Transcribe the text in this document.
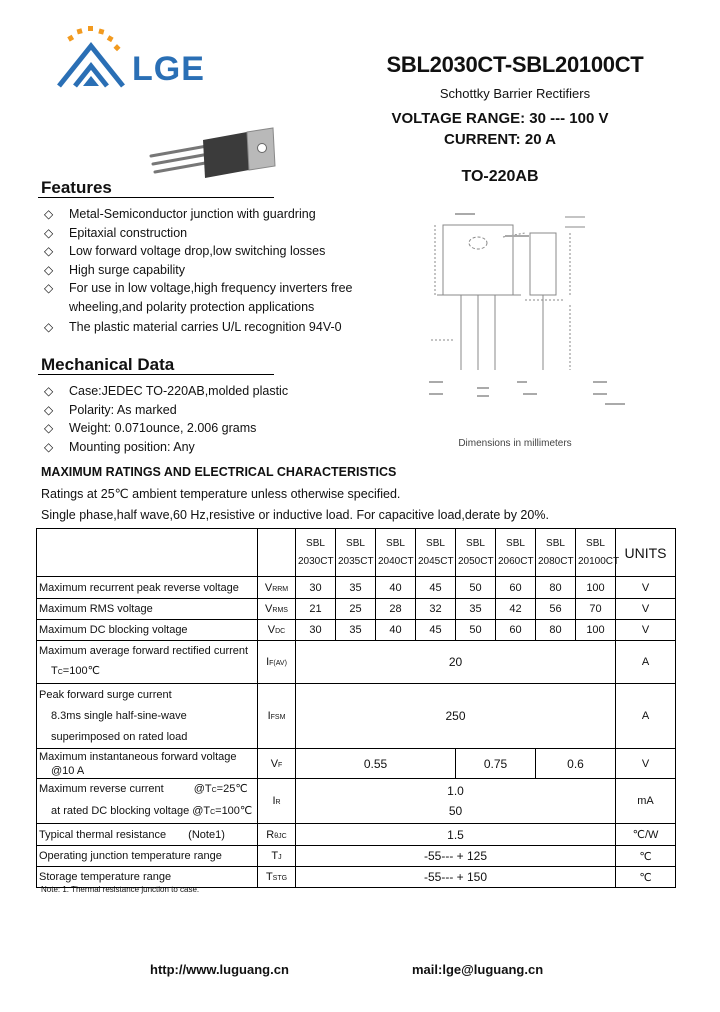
LGE	SBL2030CT-SBL20100CT
Schottky Barrier Rectifiers
VOLTAGE RANGE: 30 --- 100 V
CURRENT: 20 A
TO-220AB
Features
◇ Metal-Semiconductor junction with guardring
◇ Epitaxial construction
◇ Low forward voltage drop,low switching losses
◇ High surge capability
◇ For use in low voltage,high frequency inverters free wheeling,and polarity protection applications
◇ The plastic material carries U/L recognition 94V-0
Mechanical Data
◇ Case:JEDEC TO-220AB,molded plastic
◇ Polarity: As marked
◇ Weight: 0.071ounce, 2.006 grams
◇ Mounting position: Any	Dimensions in millimeters
MAXIMUM RATINGS AND ELECTRICAL CHARACTERISTICS
Ratings at 25℃ ambient temperature unless otherwise specified.
Single phase,half wave,60 Hz,resistive or inductive load. For capacitive load,derate by 20%.
		SBL
2030CT	SBL
2035CT	SBL
2040CT	SBL
2045CT	SBL
2050CT	SBL
2060CT	SBL
2080CT	SBL
20100CT	UNITS
Maximum recurrent peak reverse voltage	VRRM	30	35	40	45	50	60	80	100	V
Maximum RMS voltage	VRMS	21	25	28	32	35	42	56	70	V
Maximum DC blocking voltage	VDC	30	35	40	45	50	60	80	100	V
Maximum average forward rectified current
TC=100℃	IF(AV)	20								A
Peak forward surge current
8.3ms single half-sine-wave
superimposed on rated load	IFSM	250								A
Maximum instantaneous forward voltage
@10 A	VF	0.55				0.75		0.6		V
Maximum reverse current @TC=25℃
at rated DC blocking voltage @TC=100℃	IR	1.0
50								mA
Typical thermal resistance (Note1)	RθJC	1.5								℃/W
Operating junction temperature range	TJ	-55--- + 125								℃
Storage temperature range	TSTG	-55--- + 150								℃
Note: 1. Thermal resistance junction to case.
http://www.luguang.cn	mail:lge@luguang.cn
